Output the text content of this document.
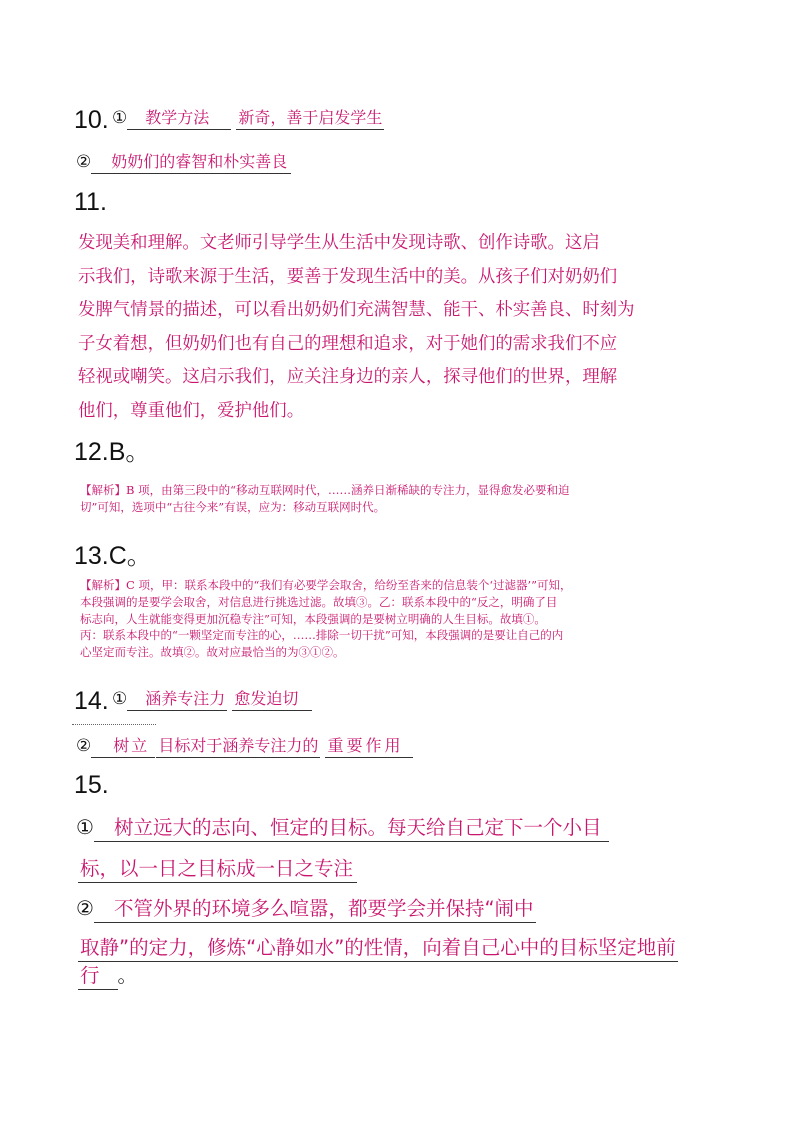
10. ① 教学方法 新奇，善于启发学生
② 奶奶们的睿智和朴实善良
11.

发现美和理解。文老师引导学生从生活中发现诗歌、创作诗歌。这启

示我们，诗歌来源于生活，要善于发现生活中的美。从孩子们对奶奶们

发脾气情景的描述，可以看出奶奶们充满智慧、能干、朴实善良、时刻为

子女着想，但奶奶们也有自己的理想和追求，对于她们的需求我们不应

轻视或嘲笑。这启示我们，应关注身边的亲人，探寻他们的世界，理解

他们，尊重他们，爱护他们。

12.B。

【解析】B 项，由第三段中的“移动互联网时代，……涵养日渐稀缺的专注力，显得愈发必要和迫

切”可知，选项中“古往今来”有误，应为：移动互联网时代。

13.C。

【解析】C 项，甲：联系本段中的“我们有必要学会取舍，给纷至沓来的信息装个‘过滤器’”可知，

本段强调的是要学会取舍，对信息进行挑选过滤。故填③。乙：联系本段中的“反之，明确了目

标志向，人生就能变得更加沉稳专注”可知，本段强调的是要树立明确的人生目标。故填①。

丙：联系本段中的“一颗坚定而专注的心，……排除一切干扰”可知，本段强调的是要让自己的内

心坚定而专注。故填②。故对应最恰当的为③①②。

14. ① 涵养专注力 愈发迫切
② 树立 目标对于涵养专注力的 重要作用
15.
① 树立远大的志向、恒定的目标。每天给自己定下一个小目
标，以一日之目标成一日之专注
② 不管外界的环境多么喧嚣，都要学会并保持“闹中
取静”的定力，修炼“心静如水”的性情，向着自己心中的目标坚定地前
行 。
